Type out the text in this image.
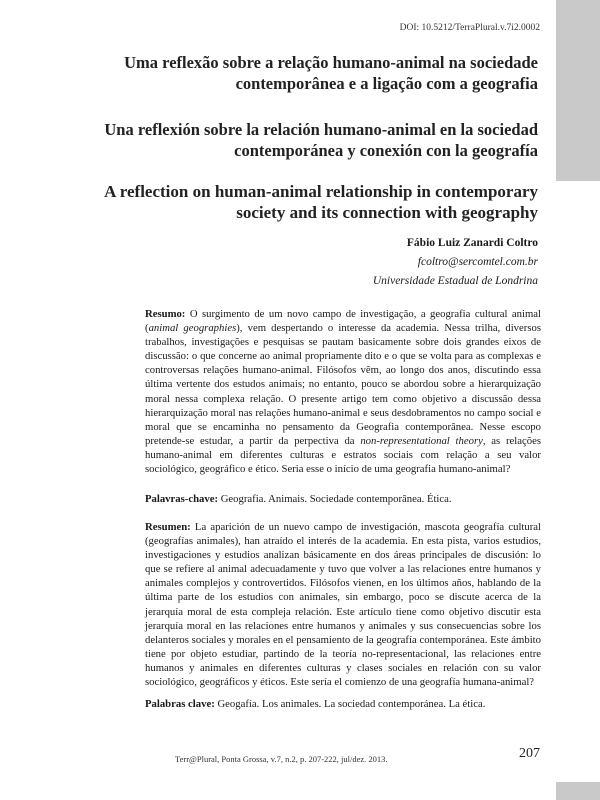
DOI: 10.5212/TerraPlural.v.7i2.0002
Uma reflexão sobre a relação humano-animal na sociedade contemporânea e a ligação com a geografia
Una reflexión sobre la relación humano-animal en la sociedad contemporánea y conexión con la geografía
A reflection on human-animal relationship in contemporary society and its connection with geography
Fábio Luiz Zanardi Coltro
fcoltro@sercomtel.com.br
Universidade Estadual de Londrina
Resumo: O surgimento de um novo campo de investigação, a geografia cultural animal (animal geographies), vem despertando o interesse da academia. Nessa trilha, diversos trabalhos, investigações e pesquisas se pautam basicamente sobre dois grandes eixos de discussão: o que concerne ao animal propriamente dito e o que se volta para as complexas e controversas relações humano-animal. Filósofos vêm, ao longo dos anos, discutindo essa última vertente dos estudos animais; no entanto, pouco se abordou sobre a hierarquização moral nessa complexa relação. O presente artigo tem como objetivo a discussão dessa hierarquização moral nas relações humano-animal e seus desdobramentos no campo social e moral que se encaminha no pensamento da Geografia contemporânea. Nesse escopo pretende-se estudar, a partir da perpectiva da non-representational theory, as relações humano-animal em diferentes culturas e estratos sociais com relação a seu valor sociológico, geográfico e ético. Seria esse o início de uma geografia humano-animal?
Palavras-chave: Geografia. Animais. Sociedade contemporânea. Ética.
Resumen: La aparición de un nuevo campo de investigación, mascota geografía cultural (geografías animales), han atraído el interés de la academia. En esta pista, varios estudios, investigaciones y estudios analizan básicamente en dos áreas principales de discusión: lo que se refiere al animal adecuadamente y tuvo que volver a las relaciones entre humanos y animales complejos y controvertidos. Filósofos vienen, en los últimos años, hablando de la última parte de los estudios con animales, sin embargo, poco se discute acerca de la jerarquía moral de esta compleja relación. Este artículo tiene como objetivo discutir esta jerarquía moral en las relaciones entre humanos y animales y sus consecuencias sobre los delanteros sociales y morales en el pensamiento de la geografía contemporánea. Este ámbito tiene por objeto estudiar, partindo de la teoría no-representacional, las relaciones entre humanos y animales en diferentes culturas y clases sociales en relación con su valor sociológico, geográficos y éticos. Este sería el comienzo de una geografía humana-animal?
Palabras clave: Geogafía. Los animales. La sociedad contemporánea. La ética.
Terr@Plural, Ponta Grossa, v.7, n.2, p. 207-222, jul/dez. 2013.	207
